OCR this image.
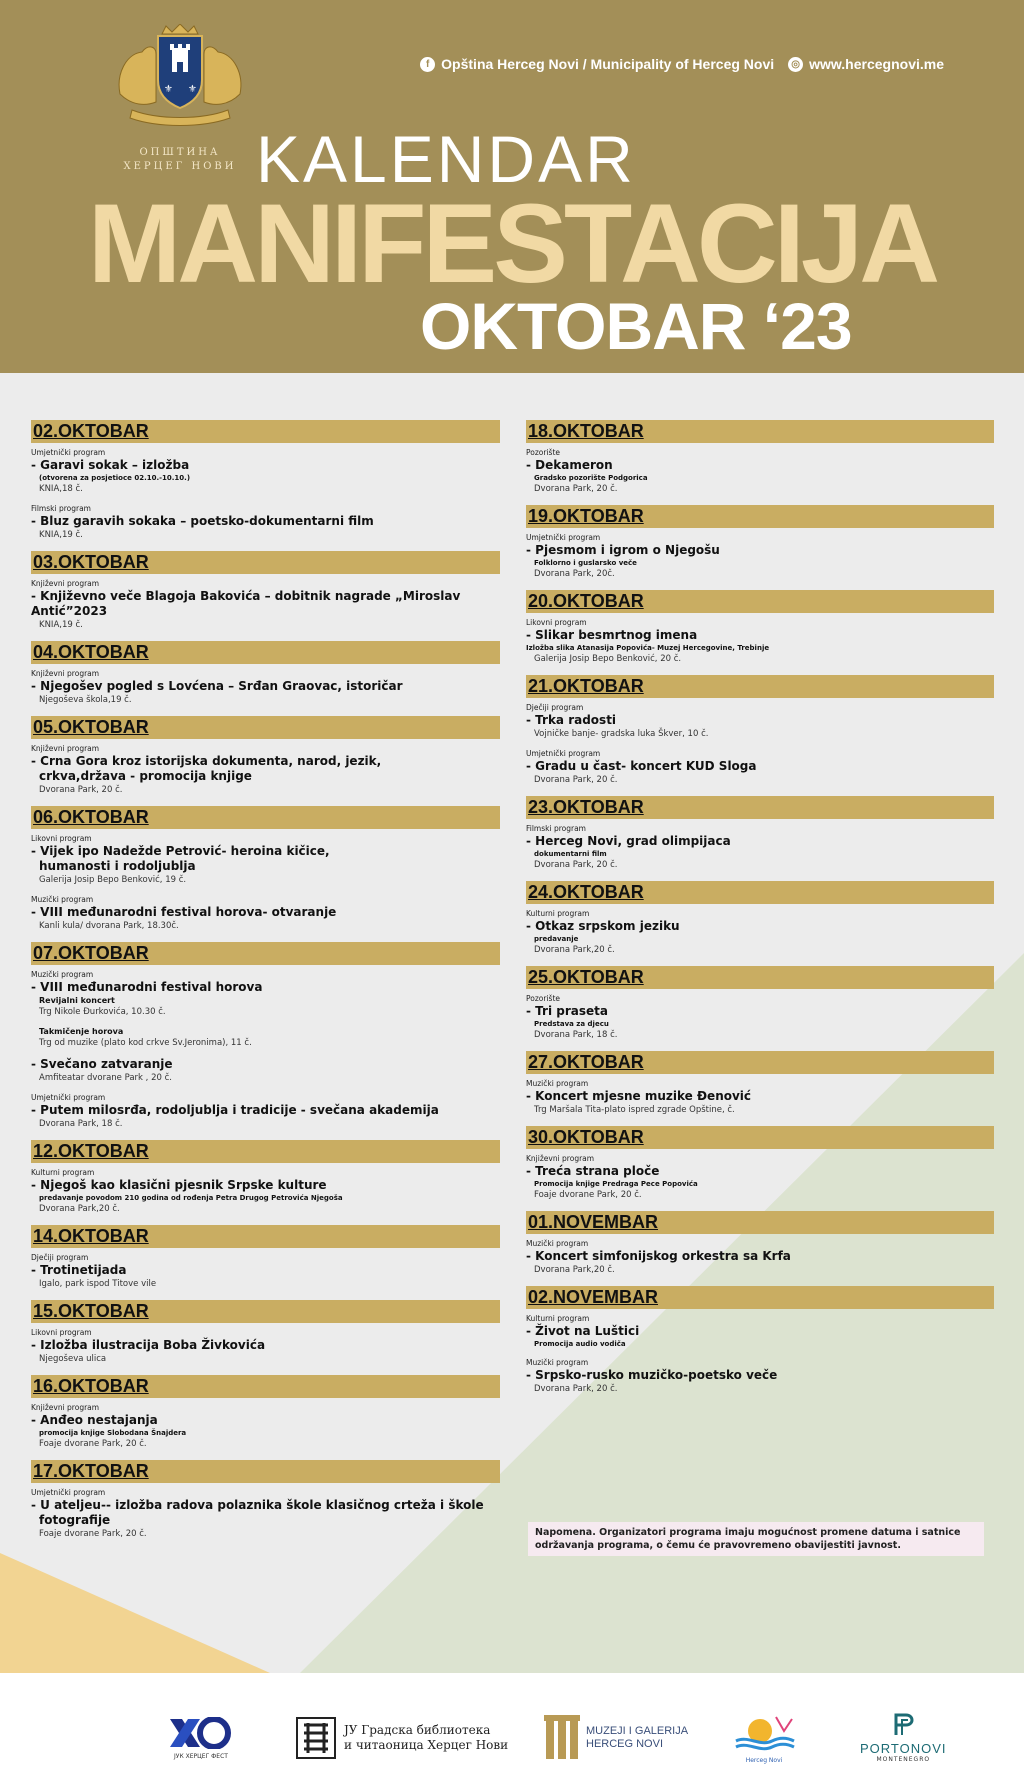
⚜ ⚜
ОПШТИНА
ХЕРЦЕГ НОВИ
f Opština Herceg Novi / Municipality of Herceg Novi	◎ www.hercegnovi.me
KALENDAR
MANIFESTACIJA
OKTOBAR ‘23
02.OKTOBAR
Umjetnički program
- Garavi sokak – izložba
(otvorena za posjetioce 02.10.-10.10.)
KNIA,18 č.
Filmski program
- Bluz garavih sokaka – poetsko-dokumentarni film
KNIA,19 č.
03.OKTOBAR
Književni program
- Književno veče Blagoja Bakovića – dobitnik nagrade „Miroslav Antić”2023
KNIA,19 č.
04.OKTOBAR
Književni program
- Njegošev pogled s Lovćena – Srđan Graovac, istoričar
Njegoševa škola,19 č.
05.OKTOBAR
Književni program
- Crna Gora kroz istorijska dokumenta, narod, jezik,
crkva,država - promocija knjige
Dvorana Park, 20 č.
06.OKTOBAR
Likovni program
- Vijek ipo Nadežde Petrović- heroina kičice,
humanosti i rodoljublja
Galerija Josip Bepo Benković, 19 č.
Muzički program
- VIII međunarodni festival horova- otvaranje
Kanli kula/ dvorana Park, 18.30č.
07.OKTOBAR
Muzički program
- VIII međunarodni festival horova
Revijalni koncert
Trg Nikole Đurkovića, 10.30 č.
Takmičenje horova
Trg od muzike (plato kod crkve Sv.Jeronima), 11 č.
- Svečano zatvaranje
Amfiteatar dvorane Park , 20 č.
Umjetnički program
- Putem milosrđa, rodoljublja i tradicije - svečana akademija
Dvorana Park, 18 č.
12.OKTOBAR
Kulturni program
- Njegoš kao klasični pjesnik Srpske kulture
predavanje povodom 210 godina od rođenja Petra Drugog Petrovića Njegoša
Dvorana Park,20 č.
14.OKTOBAR
Dječiji program
- Trotinetijada
Igalo, park ispod Titove vile
15.OKTOBAR
Likovni program
- Izložba ilustracija Boba Živkovića
Njegoševa ulica
16.OKTOBAR
Književni program
- Anđeo nestajanja
promocija knjige Slobodana Šnajdera
Foaje dvorane Park, 20 č.
17.OKTOBAR
Umjetnički program
- U ateljeu-- izložba radova polaznika škole klasičnog crteža i škole
fotografije
Foaje dvorane Park, 20 č.
18.OKTOBAR
Pozorište
- Dekameron
Gradsko pozorište Podgorica
Dvorana Park, 20 č.
19.OKTOBAR
Umjetnički program
- Pjesmom i igrom o Njegošu
Folklorno i guslarsko veče
Dvorana Park, 20č.
20.OKTOBAR
Likovni program
- Slikar besmrtnog imena
Izložba slika Atanasija Popovića- Muzej Hercegovine, Trebinje
Galerija Josip Bepo Benković, 20 č.
21.OKTOBAR
Dječiji program
- Trka radosti
Vojničke banje- gradska luka Škver, 10 č.
Umjetnički program
- Gradu u čast- koncert KUD Sloga
Dvorana Park, 20 č.
23.OKTOBAR
Filmski program
- Herceg Novi, grad olimpijaca
dokumentarni film
Dvorana Park, 20 č.
24.OKTOBAR
Kulturni program
- Otkaz srpskom jeziku
predavanje
Dvorana Park,20 č.
25.OKTOBAR
Pozorište
- Tri praseta
Predstava za djecu
Dvorana Park, 18 č.
27.OKTOBAR
Muzički program
- Koncert mjesne muzike Đenović
Trg Maršala Tita-plato ispred zgrade Opštine, č.
30.OKTOBAR
Književni program
- Treća strana ploče
Promocija knjige Predraga Pece Popovića
Foaje dvorane Park, 20 č.
01.NOVEMBAR
Muzički program
- Koncert simfonijskog orkestra sa Krfa
Dvorana Park,20 č.
02.NOVEMBAR
Kulturni program
- Život na Luštici
Promocija audio vodiča
Muzički program
- Srpsko-rusko muzičko-poetsko veče
Dvorana Park, 20 č.
Napomena. Organizatori programa imaju mogućnost promene datuma i satnice održavanja programa, o čemu će pravovremeno obavijestiti javnost.
ЈУК ХЕРЦЕГ ФЕСТ
ЈУ Градска библиотека
и читаоница Херцег Нови
MUZEJI I GALERIJA
HERCEG NOVI
Herceg Novi
PORTONOVI
MONTENEGRO
